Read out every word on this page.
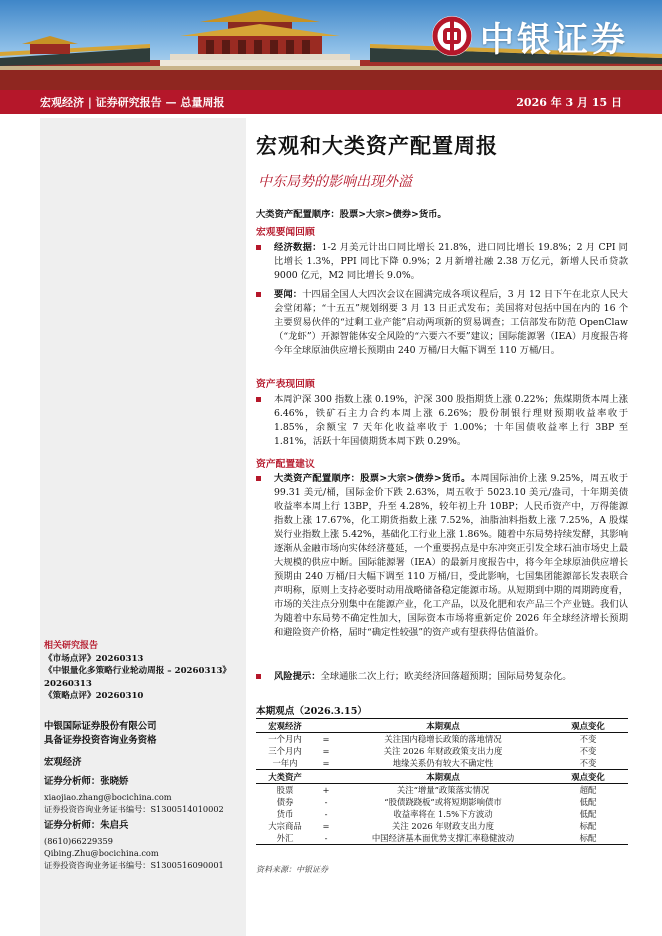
中银证券
宏观经济 | 证券研究报告 — 总量周报	2026 年 3 月 15 日
相关研究报告
《市场点评》20260313
《中银量化多策略行业轮动周报 – 20260313》
20260313
《策略点评》20260310
中银国际证券股份有限公司
具备证券投资咨询业务资格
宏观经济
证券分析师：张晓娇
xiaojiao.zhang@bocichina.com
证券投资咨询业务证书编号：S1300514010002
证券分析师：朱启兵
(8610)66229359
Qibing.Zhu@bocichina.com
证券投资咨询业务证书编号：S1300516090001
宏观和大类资产配置周报
中东局势的影响出现外溢
大类资产配置顺序：股票>大宗>债券>货币。
宏观要闻回顾
经济数据：1-2 月美元计出口同比增长 21.8%，进口同比增长 19.8%；2 月 CPI 同比增长 1.3%，PPI 同比下降 0.9%；2 月新增社融 2.38 万亿元，新增人民币贷款 9000 亿元，M2 同比增长 9.0%。
要闻：十四届全国人大四次会议在圆满完成各项议程后，3 月 12 日下午在北京人民大会堂闭幕；“十五五”规划纲要 3 月 13 日正式发布；美国将对包括中国在内的 16 个主要贸易伙伴的“过剩工业产能”启动两项新的贸易调查；工信部发布防范 OpenClaw（“龙虾”）开源智能体安全风险的“六要六不要”建议；国际能源署（IEA）月度报告将今年全球原油供应增长预期由 240 万桶/日大幅下调至 110 万桶/日。
资产表现回顾
本周沪深 300 指数上涨 0.19%，沪深 300 股指期货上涨 0.22%；焦煤期货本周上涨 6.46%，铁矿石主力合约本周上涨 6.26%；股份制银行理财预期收益率收于 1.85%，余额宝 7 天年化收益率收于 1.00%；十年国债收益率上行 3BP 至 1.81%，活跃十年国债期货本周下跌 0.29%。
资产配置建议
大类资产配置顺序：股票>大宗>债券>货币。本周国际油价上涨 9.25%，周五收于 99.31 美元/桶，国际金价下跌 2.63%，周五收于 5023.10 美元/盎司，十年期美债收益率本周上行 13BP，升至 4.28%，较年初上升 10BP；人民币资产中，万得能源指数上涨 17.67%，化工期货指数上涨 7.52%，油脂油料指数上涨 7.25%，A 股煤炭行业指数上涨 5.42%，基础化工行业上涨 1.86%。随着中东局势持续发酵，其影响逐渐从金融市场向实体经济蔓延，一个重要拐点是中东冲突正引发全球石油市场史上最大规模的供应中断。国际能源署（IEA）的最新月度报告中，将今年全球原油供应增长预期由 240 万桶/日大幅下调至 110 万桶/日，受此影响，七国集团能源部长发表联合声明称，原则上支持必要时动用战略储备稳定能源市场。从短期到中期的周期跨度看，市场的关注点分别集中在能源产业，化工产品，以及化肥和农产品三个产业链。我们认为随着中东局势不确定性加大，国际资本市场将重新定价 2026 年全球经济增长预期和避险资产价格，届时“确定性较强”的资产或有望获得估值溢价。
风险提示：全球通胀二次上行；欧美经济回落超预期；国际局势复杂化。
本期观点（2026.3.15）
宏观经济		本期观点	观点变化
一个月内	=	关注国内稳增长政策的落地情况	不变
三个月内	=	关注 2026 年财政政策支出力度	不变
一年内	=	地缘关系仍有较大不确定性	不变
大类资产		本期观点	观点变化
股票	+	关注“增量”政策落实情况	超配
债券	-	“股债跷跷板”或将短期影响债市	低配
货币	-	收益率将在 1.5%下方波动	低配
大宗商品	=	关注 2026 年财政支出力度	标配
外汇	-	中国经济基本面优势支撑汇率稳健波动	标配
资料来源：中银证券
